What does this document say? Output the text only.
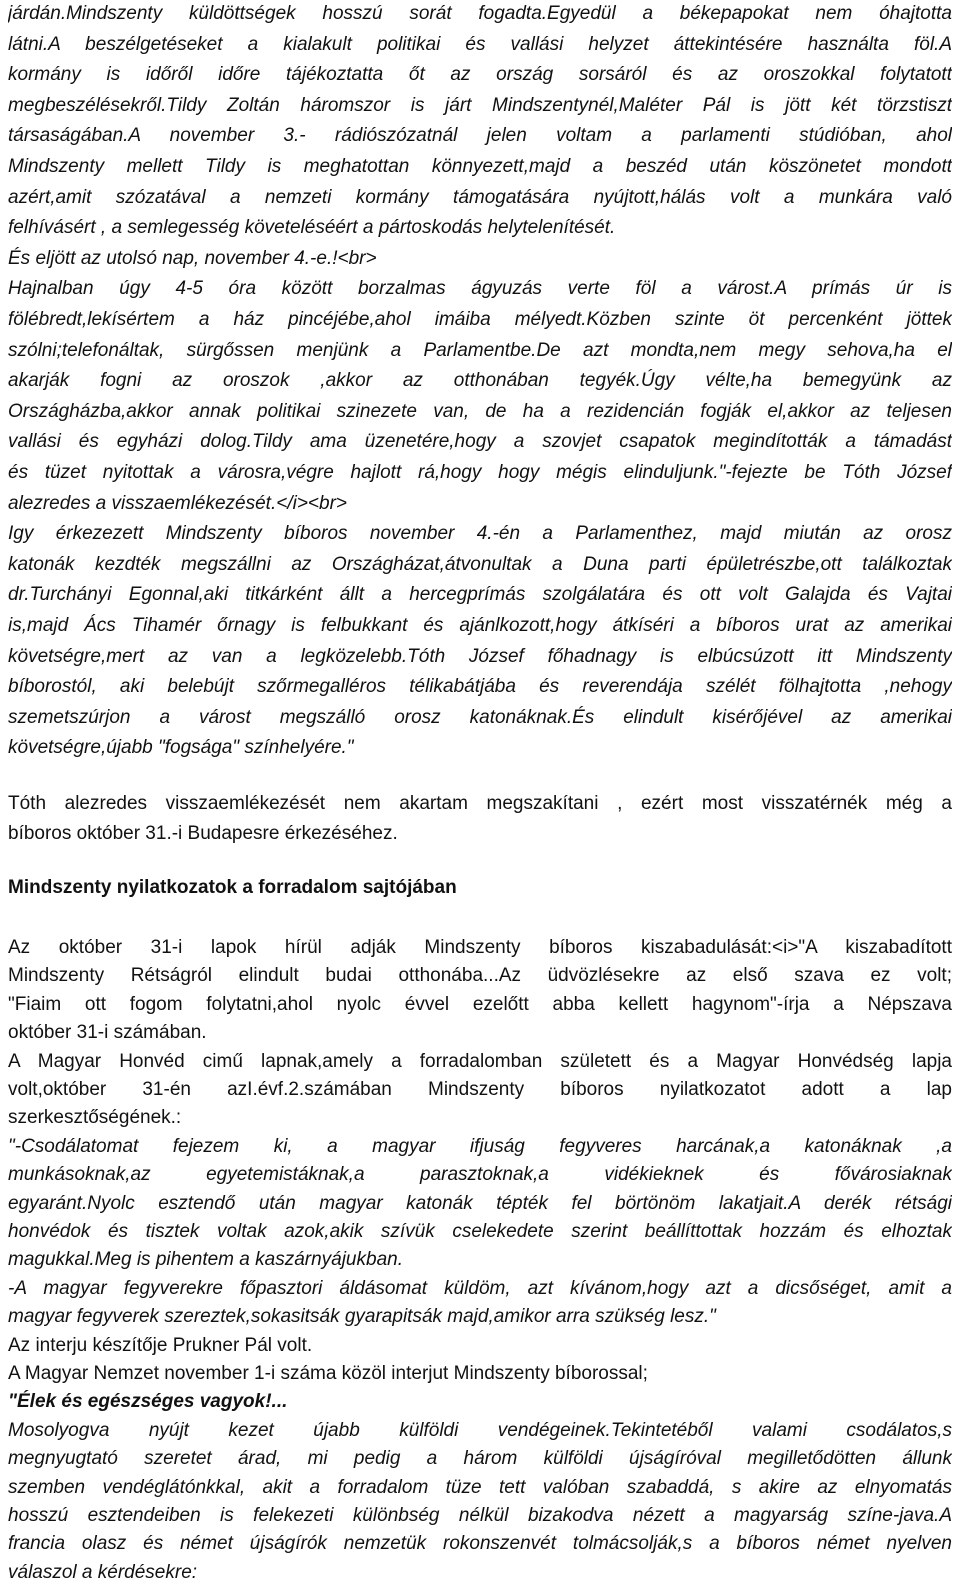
járdán.Mindszenty küldöttségek hosszú sorát fogadta.Egyedül a békepapokat nem óhajtotta
látni.A beszélgetéseket a kialakult politikai és vallási helyzet áttekintésére használta föl.A
kormány is időről időre tájékoztatta őt az ország sorsáról és az oroszokkal folytatott
megbeszélésekről.Tildy Zoltán háromszor is járt Mindszentynél,Maléter Pál is jött két törzstiszt
társaságában.A november 3.- rádiószózatnál jelen voltam a parlamenti stúdióban, ahol
Mindszenty mellett Tildy is meghatottan könnyezett,majd a beszéd után köszönetet mondott
azért,amit szózatával a nemzeti kormány támogatására nyújtott,hálás volt a munkára való
felhívásért , a semlegesség követeléséért a pártoskodás helytelenítését.
És eljött az utolsó nap, november 4.-e.!<br>
Hajnalban úgy 4-5 óra között borzalmas ágyuzás verte föl a várost.A prímás úr is
fölébredt,lekísértem a ház pincéjébe,ahol imáiba mélyedt.Közben szinte öt percenként jöttek
szólni;telefonáltak, sürgőssen menjünk a Parlamentbe.De azt mondta,nem megy sehova,ha el
akarják fogni az oroszok ,akkor az otthonában tegyék.Úgy vélte,ha bemegyünk az
Országházba,akkor annak politikai szinezete van, de ha a rezidencián fogják el,akkor az teljesen
vallási és egyházi dolog.Tildy ama üzenetére,hogy a szovjet csapatok megindították a támadást
és tüzet nyitottak a városra,végre hajlott rá,hogy hogy mégis elinduljunk."-fejezte be Tóth József
alezredes a visszaemlékezését.</i><br>
Igy érkezezett Mindszenty bíboros november 4.-én a Parlamenthez, majd miután az orosz
katonák kezdték megszállni az Országházat,átvonultak a Duna parti épületrészbe,ott találkoztak
dr.Turchányi Egonnal,aki titkárként állt a hercegprímás szolgálatára és ott volt Galajda és Vajtai
is,majd Ács Tihamér őrnagy is felbukkant és ajánlkozott,hogy átkíséri a bíboros urat az amerikai
követségre,mert az van a legközelebb.Tóth József főhadnagy is elbúcsúzott itt Mindszenty
bíborostól, aki belebújt szőrmegalléros télikabátjába és reverendája szélét fölhajtotta ,nehogy
szemetszúrjon a várost megszálló orosz katonáknak.És elindult kisérőjével az amerikai
követségre,újabb "fogsága" színhelyére."
Tóth alezredes visszaemlékezését nem akartam megszakítani , ezért most visszatérnék még a
bíboros október 31.-i Budapesre érkezéséhez.
Mindszenty nyilatkozatok a forradalom sajtójában
Az október 31-i lapok hírül adják Mindszenty bíboros kiszabadulását:<i>"A kiszabadított
Mindszenty Rétságról elindult budai otthonába...Az üdvözlésekre az első szava ez volt;
"Fiaim ott fogom folytatni,ahol nyolc évvel ezelőtt abba kellett hagynom"-írja a Népszava
október 31-i számában.
A Magyar Honvéd cimű lapnak,amely a forradalomban született és a Magyar Honvédség lapja
volt,október 31-én azI.évf.2.számában Mindszenty bíboros nyilatkozatot adott a lap
szerkesztőségének.:
"-Csodálatomat fejezem ki, a magyar ifjuság fegyveres harcának,a katonáknak ,a
munkásoknak,az egyetemistáknak,a parasztoknak,a vidékieknek és fővárosiaknak
egyaránt.Nyolc esztendő után magyar katonák tépték fel börtönöm lakatjait.A derék rétsági
honvédok és tisztek voltak azok,akik szívük cselekedete szerint beállíttottak hozzám és elhoztak
magukkal.Meg is pihentem a kaszárnyájukban.
-A magyar fegyverekre főpasztori áldásomat küldöm, azt kívánom,hogy azt a dicsőséget, amit a
magyar fegyverek szereztek,sokasitsák gyarapitsák majd,amikor arra szükség lesz."
Az interju készítője Prukner Pál volt.
A Magyar Nemzet november 1-i száma közöl interjut Mindszenty bíborossal;
"Élek és egészséges vagyok!...
Mosolyogva nyújt kezet újabb külföldi vendégeinek.Tekintetéből valami csodálatos,s
megnyugtató szeretet árad, mi pedig a három külföldi újságíróval megilletődötten állunk
szemben vendéglátónkkal, akit a forradalom tüze tett valóban szabaddá, s akire az elnyomatás
hosszú esztendeiben is felekezeti különbség nélkül bizakodva nézett a magyarság színe-java.A
francia olasz és német újságírók nemzetük rokonszenvét tolmácsolják,s a bíboros német nyelven
válaszol a kérdésekre:
